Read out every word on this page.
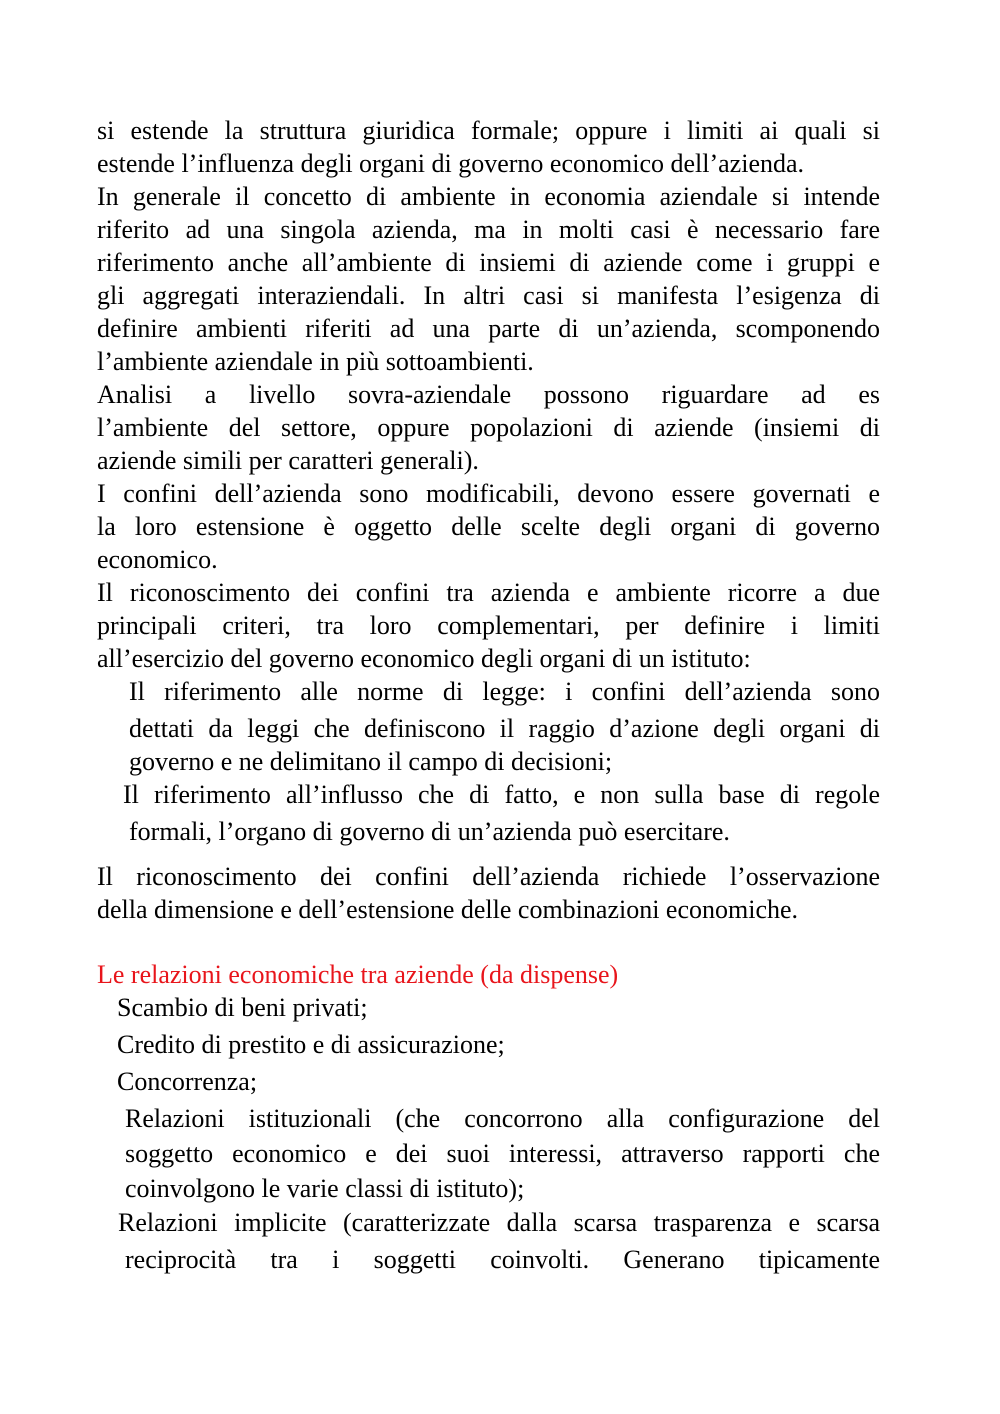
si estende la struttura giuridica formale; oppure i limiti ai quali si
estende l’influenza degli organi di governo economico dell’azienda.
In generale il concetto di ambiente in economia aziendale si intende
riferito ad una singola azienda, ma in molti casi è necessario fare
riferimento anche all’ambiente di insiemi di aziende come i gruppi e
gli aggregati interaziendali. In altri casi si manifesta l’esigenza di
definire ambienti riferiti ad una parte di un’azienda, scomponendo
l’ambiente aziendale in più sottoambienti.
Analisi a livello sovra-aziendale possono riguardare ad es
l’ambiente del settore, oppure popolazioni di aziende (insiemi di
aziende simili per caratteri generali).
I confini dell’azienda sono modificabili, devono essere governati e
la loro estensione è oggetto delle scelte degli organi di governo
economico.
Il riconoscimento dei confini tra azienda e ambiente ricorre a due
principali criteri, tra loro complementari, per definire i limiti
all’esercizio del governo economico degli organi di un istituto:
Il riferimento alle norme di legge: i confini dell’azienda sono
dettati da leggi che definiscono il raggio d’azione degli organi di
governo e ne delimitano il campo di decisioni;
Il riferimento all’influsso che di fatto, e non sulla base di regole
formali, l’organo di governo di un’azienda può esercitare.
Il riconoscimento dei confini dell’azienda richiede l’osservazione
della dimensione e dell’estensione delle combinazioni economiche.
Le relazioni economiche tra aziende (da dispense)
Scambio di beni privati;
Credito di prestito e di assicurazione;
Concorrenza;
Relazioni istituzionali (che concorrono alla configurazione del
soggetto economico e dei suoi interessi, attraverso rapporti che
coinvolgono le varie classi di istituto);
Relazioni implicite (caratterizzate dalla scarsa trasparenza e scarsa
reciprocità tra i soggetti coinvolti. Generano tipicamente
